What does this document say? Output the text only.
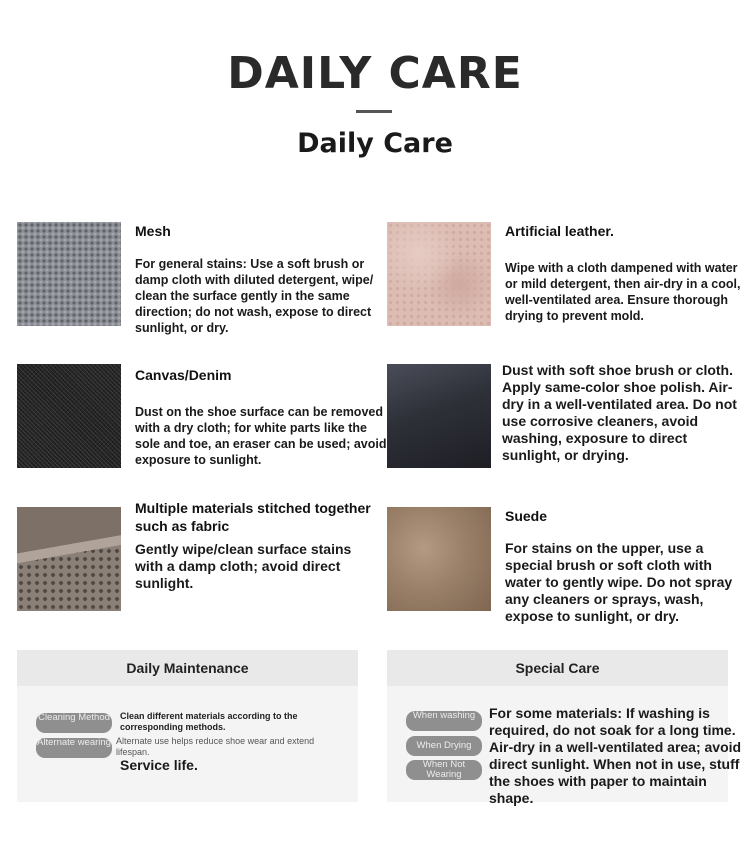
DAILY CARE
Daily Care
Mesh
For general stains: Use a soft brush or damp cloth with diluted detergent, wipe/ clean the surface gently in the same direction; do not wash, expose to direct sunlight, or dry.
Artificial leather.
Wipe with a cloth dampened with water or mild detergent, then air-dry in a cool, well-ventilated area. Ensure thorough drying to prevent mold.
Canvas/Denim
Dust on the shoe surface can be removed with a dry cloth; for white parts like the sole and toe, an eraser can be used; avoid exposure to sunlight.
Dust with soft shoe brush or cloth. Apply same-color shoe polish. Air-dry in a well-ventilated area. Do not use corrosive cleaners, avoid washing, exposure to direct sunlight, or drying.
Multiple materials stitched together such as fabric
Gently wipe/clean surface stains with a damp cloth; avoid direct sunlight.
Suede
For stains on the upper, use a special brush or soft cloth with water to gently wipe. Do not spray any cleaners or sprays, wash, expose to sunlight, or dry.
Daily Maintenance
Cleaning Method
Alternate wearing
Clean different materials according to the corresponding methods.
Alternate use helps reduce shoe wear and extend lifespan.
Service life.
Special Care
When washing
When Drying
When Not Wearing
For some materials: If washing is required, do not soak for a long time. Air-dry in a well-ventilated area; avoid direct sunlight. When not in use, stuff the shoes with paper to maintain shape.
